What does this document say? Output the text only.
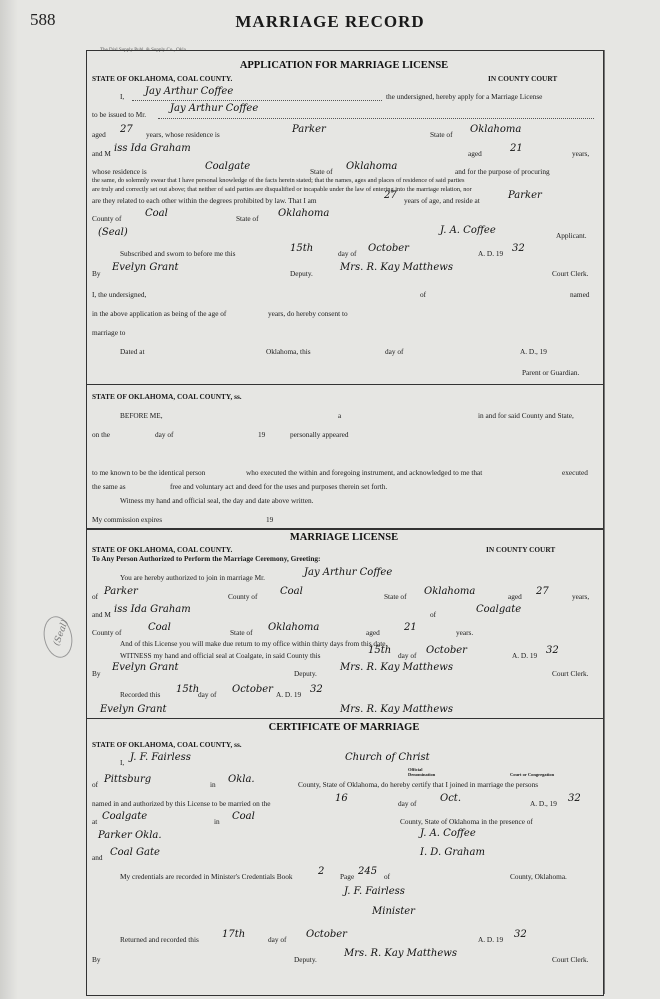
588	MARRIAGE RECORD
The Dial Supply Publ. & Supply Co., Okla.
APPLICATION FOR MARRIAGE LICENSE
STATE OF OKLAHOMA, COAL COUNTY.	IN COUNTY COURT
I, Jay Arthur Coffee	the undersigned, hereby apply for a Marriage License
to be issued to Mr.
Jay Arthur Coffee
aged 27 years, whose residence is	Parker	State of Oklahoma
and M iss Ida Graham	aged	21	years,
whose residence is	Coalgate	State of Oklahoma	and for the purpose of procuring
the same, do solemnly swear that I have personal knowledge of the facts herein stated; that the names, ages and places of residence of said parties
are truly and correctly set out above; that neither of said parties are disqualified or incapable under the law of entering into the marriage relation, nor
are they related to each other within the degrees prohibited by law. That I am	27 years of age, and reside at	Parker
County of Coal	State of Oklahoma
(Seal)	J. A. Coffee	Applicant.
Subscribed and sworn to before me this	15th	day of October	A. D. 19 32
By
Evelyn Grant
Deputy.
Mrs. R. Kay Matthews
Court Clerk.
I, the undersigned,	of	named
in the above application as being of the age of	years, do hereby consent to
marriage to
Dated at	Oklahoma, this	day of	A. D., 19
Parent or Guardian.
STATE OF OKLAHOMA, COAL COUNTY, ss.
BEFORE ME,	a	in and for said County and State,
on the	day of	19	personally appeared
to me known to be the identical person	who executed the within and foregoing instrument, and acknowledged to me that	executed
the same as	free and voluntary act and deed for the uses and purposes therein set forth.
Witness my hand and official seal, the day and date above written.
My commission expires	19
MARRIAGE LICENSE
STATE OF OKLAHOMA, COAL COUNTY.	IN COUNTY COURT
To Any Person Authorized to Perform the Marriage Ceremony, Greeting:
You are hereby authorized to join in marriage Mr.	Jay Arthur Coffee
of Parker	County of Coal	State of Oklahoma	aged 27	years,
and M iss Ida Graham	of	Coalgate
County of	Coal	State of Oklahoma	aged 21	years.
And of this License you will make due return to my office within thirty days from this date.
WITNESS my hand and official seal at Coalgate, in said County this	15th day of October	A. D. 19 32
By
Evelyn Grant
Deputy.
Mrs. R. Kay Matthews
Court Clerk.
Recorded this 15th
day of October A. D. 19 32
Evelyn Grant	Mrs. R. Kay Matthews
(Seal)
CERTIFICATE OF MARRIAGE
STATE OF OKLAHOMA, COAL COUNTY, ss.
I, J. F. Fairless	Church of Christ
Official
Denomination	Court or Congregation
of Pittsburg	in Okla.	County, State of Oklahoma, do hereby certify that I joined in marriage the persons
named in and authorized by this License to be married on the	16	day of Oct.	A. D., 19 32
at Coalgate	in Coal	County, State of Oklahoma in the presence of
Parker Okla.	J. A. Coffee
and Coal Gate	I. D. Graham
My credentials are recorded in Minister's Credentials Book	2 Page 245 of	County, Oklahoma.
J. F. Fairless
Minister
Returned and recorded this 17th	day of October	A. D. 19 32
By	Deputy.
Mrs. R. Kay Matthews
Court Clerk.
